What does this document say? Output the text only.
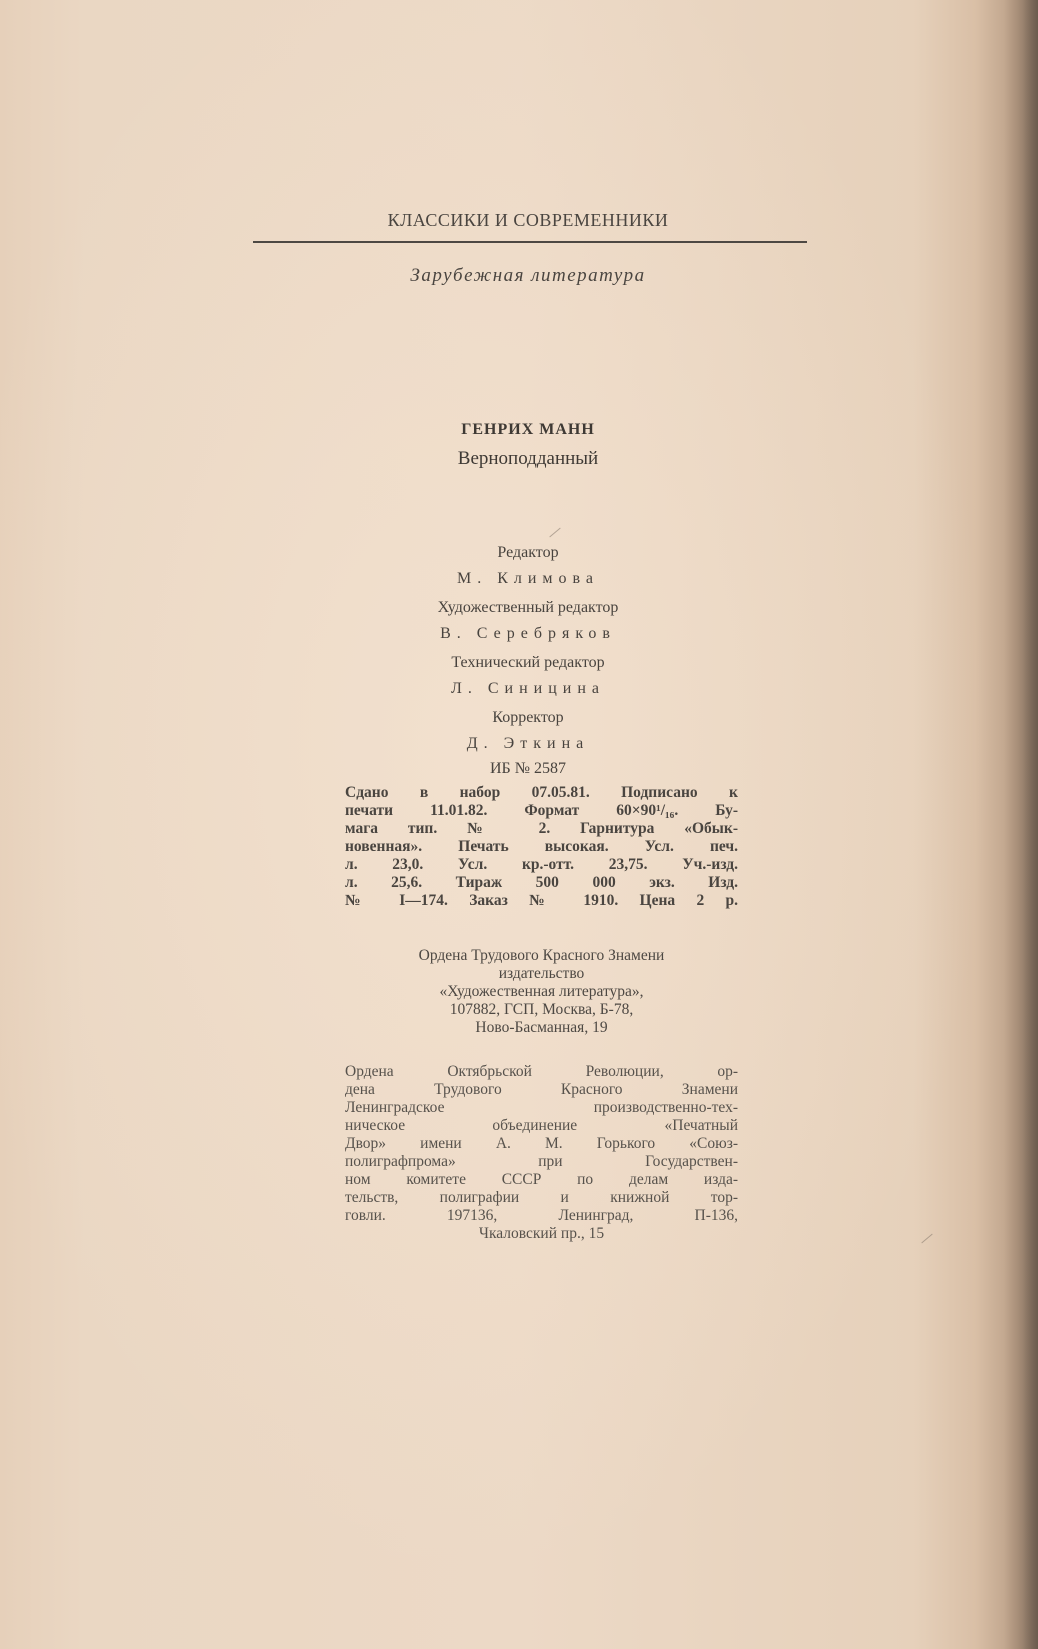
КЛАССИКИ И СОВРЕМЕННИКИ
Зарубежная литература
ГЕНРИХ МАНН
Верноподданный
Редактор
М. Климова
Художественный редактор
В. Серебряков
Технический редактор
Л. Синицина
Корректор
Д. Эткина
ИБ № 2587
Сдано в набор 07.05.81. Подписано к
печати 11.01.82. Формат 60×90¹/₁₆. Бу-
мага тип. № 2. Гарнитура «Обык-
новенная». Печать высокая. Усл. печ.
л. 23,0. Усл. кр.-отт. 23,75. Уч.-изд.
л. 25,6. Тираж 500 000 экз. Изд.
№ I—174. Заказ № 1910. Цена 2 р.
Ордена Трудового Красного Знамени
издательство
«Художественная литература»,
107882, ГСП, Москва, Б-78,
Ново-Басманная, 19
Ордена Октябрьской Революции, ор-
дена Трудового Красного Знамени
Ленинградское производственно-тех-
ническое объединение «Печатный
Двор» имени А. М. Горького «Союз-
полиграфпрома» при Государствен-
ном комитете СССР по делам изда-
тельств, полиграфии и книжной тор-
говли. 197136, Ленинград, П-136,
Чкаловский пр., 15
